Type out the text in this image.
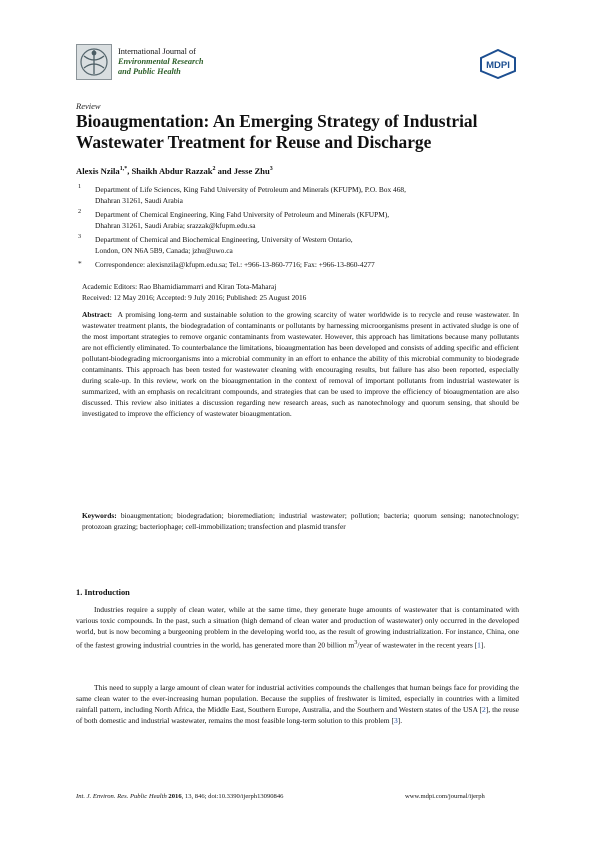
International Journal of
Environmental Research
and Public Health
MDPI
Review
Bioaugmentation: An Emerging Strategy of Industrial Wastewater Treatment for Reuse and Discharge
Alexis Nzila$^{1,*}$, Shaikh Abdur Razzak$^2$ and Jesse Zhu$^3$
1 Department of Life Sciences, King Fahd University of Petroleum and Minerals (KFUPM), P.O. Box 468,
Dhahran 31261, Saudi Arabia
2 Department of Chemical Engineering, King Fahd University of Petroleum and Minerals (KFUPM),
Dhahran 31261, Saudi Arabia; srazzak@kfupm.edu.sa
3 Department of Chemical and Biochemical Engineering, University of Western Ontario,
London, ON N6A 5B9, Canada; jzhu@uwo.ca
* Correspondence: alexisnzila@kfupm.edu.sa; Tel.: +966-13-860-7716; Fax: +966-13-860-4277
Academic Editors: Rao Bhamidiammarri and Kiran Tota-Maharaj
Received: 12 May 2016; Accepted: 9 July 2016; Published: 25 August 2016
Abstract: A promising long-term and sustainable solution to the growing scarcity of water worldwide is to recycle and reuse wastewater. In wastewater treatment plants, the biodegradation of contaminants or pollutants by harnessing microorganisms present in activated sludge is one of the most important strategies to remove organic contaminants from wastewater. However, this approach has limitations because many pollutants are not efficiently eliminated. To counterbalance the limitations, bioaugmentation has been developed and consists of adding specific and efficient pollutant-biodegrading microorganisms into a microbial community in an effort to enhance the ability of this microbial community to biodegrade contaminants. This approach has been tested for wastewater cleaning with encouraging results, but failure has also been reported, especially during scale-up. In this review, work on the bioaugmentation in the context of removal of important pollutants from industrial wastewater is summarized, with an emphasis on recalcitrant compounds, and strategies that can be used to improve the efficiency of bioaugmentation are also discussed. This review also initiates a discussion regarding new research areas, such as nanotechnology and quorum sensing, that should be investigated to improve the efficiency of wastewater bioaugmentation.
Keywords: bioaugmentation; biodegradation; bioremediation; industrial wastewater; pollution; bacteria; quorum sensing; nanotechnology; protozoan grazing; bacteriophage; cell-immobilization; transfection and plasmid transfer
1. Introduction
Industries require a supply of clean water, while at the same time, they generate huge amounts of wastewater that is contaminated with various toxic compounds. In the past, such a situation (high demand of clean water and production of wastewater) only occurred in the developed world, but is now becoming a burgeoning problem in the developing world too, as the result of growing industrialization. For instance, China, one of the fastest growing industrial countries in the world, has generated more than 20 billion $m^3$/year of wastewater in the recent years [1].
This need to supply a large amount of clean water for industrial activities compounds the challenges that human beings face for providing the same clean water to the ever-increasing human population. Because the supplies of freshwater is limited, especially in countries with a limited rainfall pattern, including North Africa, the Middle East, Southern Europe, Australia, and the Southern and Western states of the USA [2], the reuse of both domestic and industrial wastewater, remains the most feasible long-term solution to this problem [3].
Int. J. Environ. Res. Public Health 2016, 13, 846; doi:10.3390/ijerph13090846	www.mdpi.com/journal/ijerph
